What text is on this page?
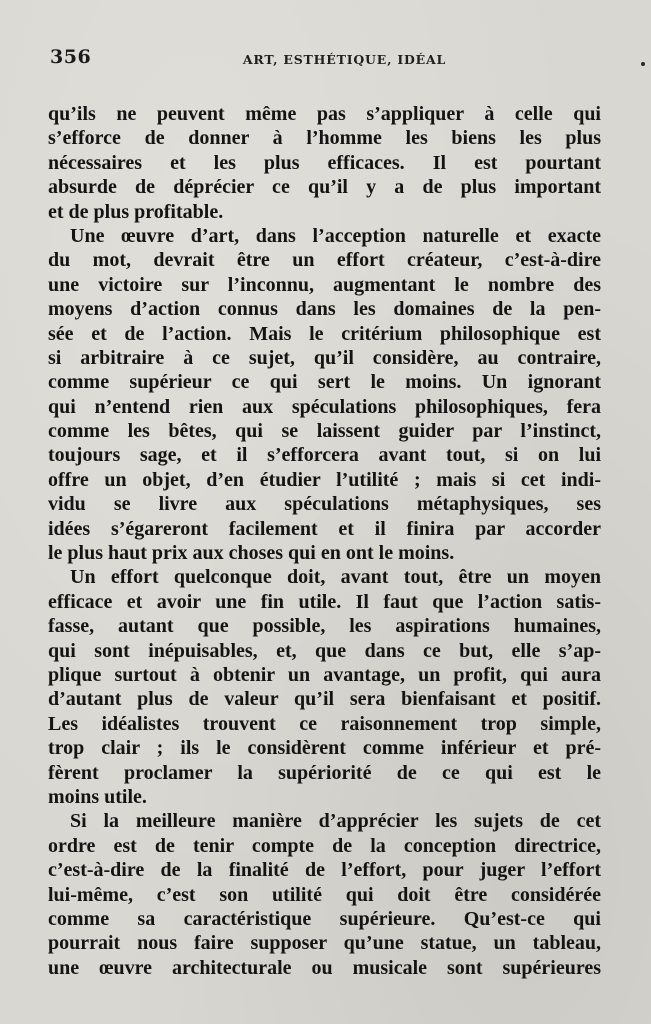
356	ART, ESTHÉTIQUE, IDÉAL
qu’ils ne peuvent même pas s’appliquer à celle qui
s’efforce de donner à l’homme les biens les plus
nécessaires et les plus efficaces. Il est pourtant
absurde de déprécier ce qu’il y a de plus important
et de plus profitable.
Une œuvre d’art, dans l’acception naturelle et exacte
du mot, devrait être un effort créateur, c’est-à-dire
une victoire sur l’inconnu, augmentant le nombre des
moyens d’action connus dans les domaines de la pen-
sée et de l’action. Mais le critérium philosophique est
si arbitraire à ce sujet, qu’il considère, au contraire,
comme supérieur ce qui sert le moins. Un ignorant
qui n’entend rien aux spéculations philosophiques, fera
comme les bêtes, qui se laissent guider par l’instinct,
toujours sage, et il s’efforcera avant tout, si on lui
offre un objet, d’en étudier l’utilité ; mais si cet indi-
vidu se livre aux spéculations métaphysiques, ses
idées s’égareront facilement et il finira par accorder
le plus haut prix aux choses qui en ont le moins.
Un effort quelconque doit, avant tout, être un moyen
efficace et avoir une fin utile. Il faut que l’action satis-
fasse, autant que possible, les aspirations humaines,
qui sont inépuisables, et, que dans ce but, elle s’ap-
plique surtout à obtenir un avantage, un profit, qui aura
d’autant plus de valeur qu’il sera bienfaisant et positif.
Les idéalistes trouvent ce raisonnement trop simple,
trop clair ; ils le considèrent comme inférieur et pré-
fèrent proclamer la supériorité de ce qui est le
moins utile.
Si la meilleure manière d’apprécier les sujets de cet
ordre est de tenir compte de la conception directrice,
c’est-à-dire de la finalité de l’effort, pour juger l’effort
lui-même, c’est son utilité qui doit être considérée
comme sa caractéristique supérieure. Qu’est-ce qui
pourrait nous faire supposer qu’une statue, un tableau,
une œuvre architecturale ou musicale sont supérieures
